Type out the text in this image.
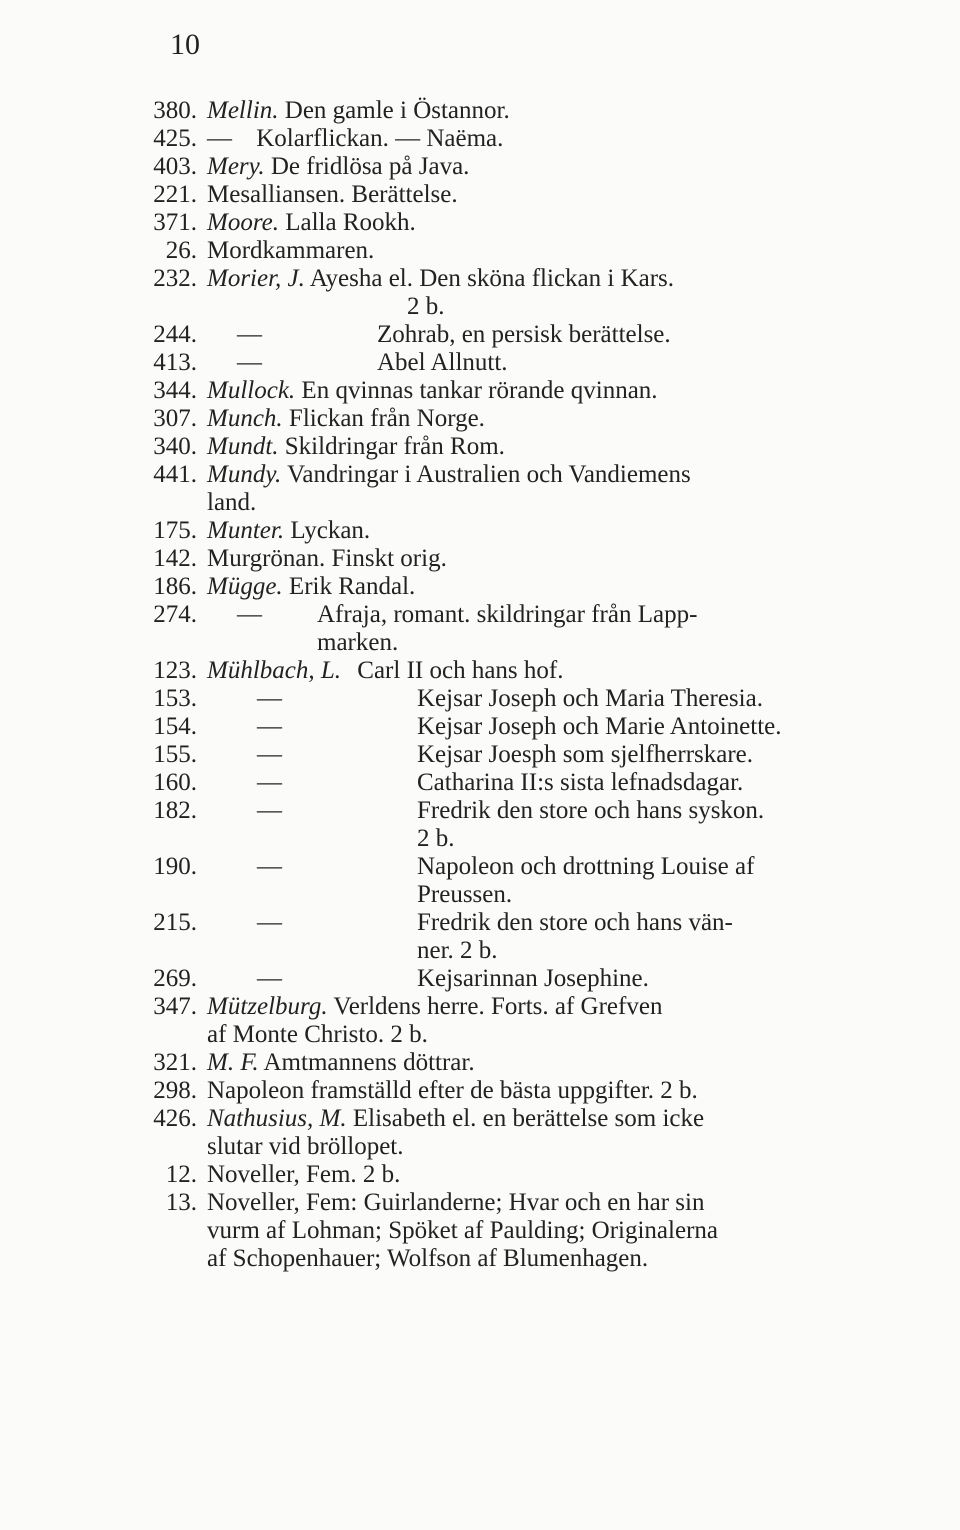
10
380. Mellin. Den gamle i Östannor.
425. — Kolarflickan. — Naëma.
403. Mery. De fridlösa på Java.
221. Mesalliansen. Berättelse.
371. Moore. Lalla Rookh.
26. Mordkammaren.
232. Morier, J. Ayesha el. Den sköna flickan i Kars.
2 b.
244.	—	Zohrab, en persisk berättelse.
413.	—	Abel Allnutt.
344. Mullock. En qvinnas tankar rörande qvinnan.
307. Munch. Flickan från Norge.
340. Mundt. Skildringar från Rom.
441. Mundy. Vandringar i Australien och Vandiemens
land.
175. Munter. Lyckan.
142. Murgrönan. Finskt orig.
186. Mügge. Erik Randal.
274.	— Afraja, romant. skildringar från Lapp-
marken.
123. Mühlbach, L. Carl II och hans hof.
153.	—	Kejsar Joseph och Maria Theresia.
154.	—	Kejsar Joseph och Marie Antoinette.
155.	—	Kejsar Joesph som sjelfherrskare.
160.	—	Catharina II:s sista lefnadsdagar.
182.	—	Fredrik den store och hans syskon.
2 b.
190.	—	Napoleon och drottning Louise af
Preussen.
215.	—	Fredrik den store och hans vän-
ner. 2 b.
269.	—	Kejsarinnan Josephine.
347. Mützelburg. Verldens herre. Forts. af Grefven
af Monte Christo. 2 b.
321. M. F. Amtmannens döttrar.
298. Napoleon framställd efter de bästa uppgifter. 2 b.
426. Nathusius, M. Elisabeth el. en berättelse som icke
slutar vid bröllopet.
12. Noveller, Fem. 2 b.
13. Noveller, Fem: Guirlanderne; Hvar och en har sin
vurm af Lohman; Spöket af Paulding; Originalerna
af Schopenhauer; Wolfson af Blumenhagen.
